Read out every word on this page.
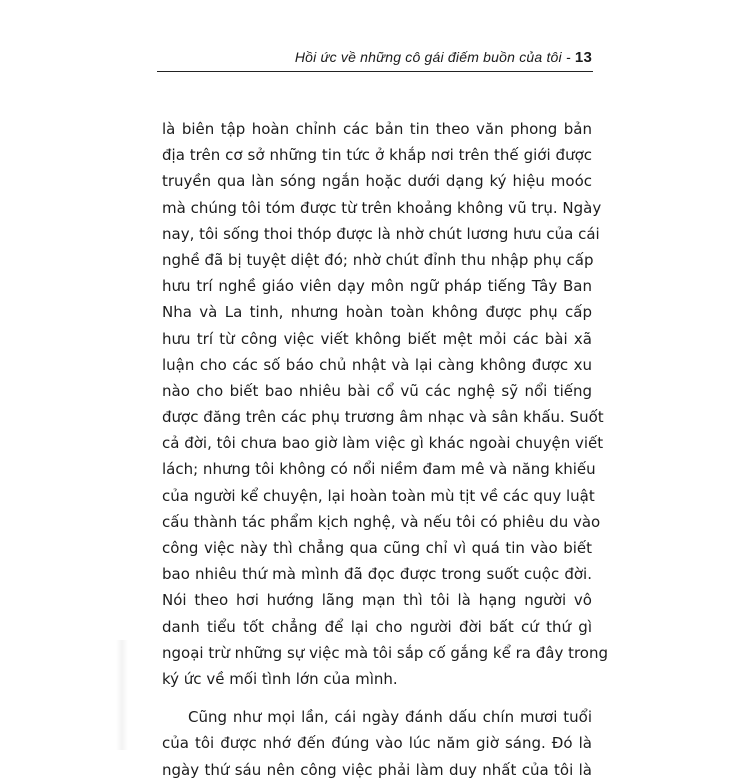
Hồi ức về những cô gái điếm buồn của tôi - 13
là biên tập hoàn chỉnh các bản tin theo văn phong bản
địa trên cơ sở những tin tức ở khắp nơi trên thế giới được
truyền qua làn sóng ngắn hoặc dưới dạng ký hiệu moóc
mà chúng tôi tóm được từ trên khoảng không vũ trụ. Ngày
nay, tôi sống thoi thóp được là nhờ chút lương hưu của cái
nghề đã bị tuyệt diệt đó; nhờ chút đỉnh thu nhập phụ cấp
hưu trí nghề giáo viên dạy môn ngữ pháp tiếng Tây Ban
Nha và La tinh, nhưng hoàn toàn không được phụ cấp
hưu trí từ công việc viết không biết mệt mỏi các bài xã
luận cho các số báo chủ nhật và lại càng không được xu
nào cho biết bao nhiêu bài cổ vũ các nghệ sỹ nổi tiếng
được đăng trên các phụ trương âm nhạc và sân khấu. Suốt
cả đời, tôi chưa bao giờ làm việc gì khác ngoài chuyện viết
lách; nhưng tôi không có nổi niềm đam mê và năng khiếu
của người kể chuyện, lại hoàn toàn mù tịt về các quy luật
cấu thành tác phẩm kịch nghệ, và nếu tôi có phiêu du vào
công việc này thì chẳng qua cũng chỉ vì quá tin vào biết
bao nhiêu thứ mà mình đã đọc được trong suốt cuộc đời.
Nói theo hơi hướng lãng mạn thì tôi là hạng người vô
danh tiểu tốt chẳng để lại cho người đời bất cứ thứ gì
ngoại trừ những sự việc mà tôi sắp cố gắng kể ra đây trong
ký ức về mối tình lớn của mình.
Cũng như mọi lần, cái ngày đánh dấu chín mươi tuổi
của tôi được nhớ đến đúng vào lúc năm giờ sáng. Đó là
ngày thứ sáu nên công việc phải làm duy nhất của tôi là
